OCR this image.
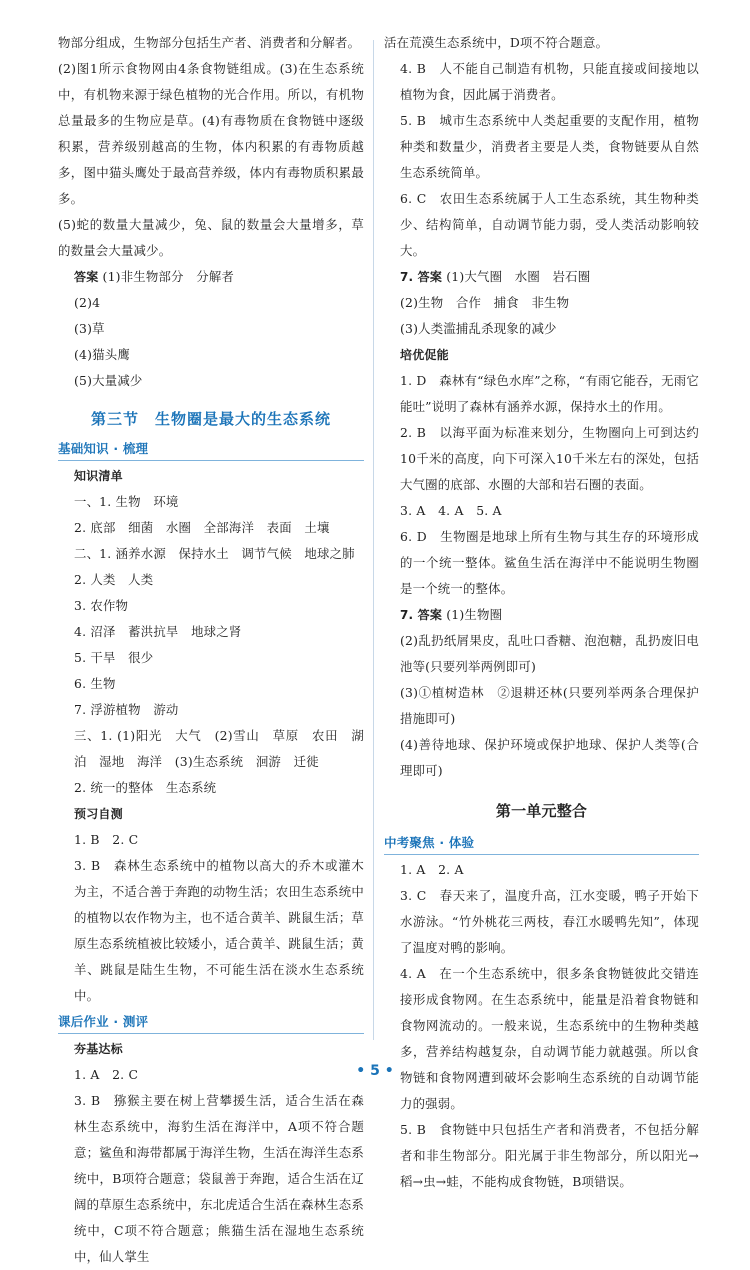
物部分组成，生物部分包括生产者、消费者和分解者。

(2)图1所示食物网由4条食物链组成。(3)在生态系统中，有机物来源于绿色植物的光合作用。所以，有机物总量最多的生物应是草。(4)有毒物质在食物链中逐级积累，营养级别越高的生物，体内积累的有毒物质越多，图中猫头鹰处于最高营养级，体内有毒物质积累最多。

(5)蛇的数量大量减少，兔、鼠的数量会大量增多，草的数量会大量减少。

答案 (1)非生物部分　分解者

(2)4

(3)草

(4)猫头鹰

(5)大量减少

第三节　生物圈是最大的生态系统
基础知识 · 梳理

知识清单

一、1. 生物　环境

2. 底部　细菌　水圈　全部海洋　表面　土壤

二、1. 涵养水源　保持水土　调节气候　地球之肺

2. 人类　人类

3. 农作物

4. 沼泽　蓄洪抗旱　地球之肾

5. 干旱　很少

6. 生物

7. 浮游植物　游动

三、1. (1)阳光　大气　(2)雪山　草原　农田　湖泊　湿地　海洋　(3)生态系统　洄游　迁徙

2. 统一的整体　生态系统

预习自测

1. B　2. C

3. B　森林生态系统中的植物以高大的乔木或灌木为主，不适合善于奔跑的动物生活；农田生态系统中的植物以农作物为主，也不适合黄羊、跳鼠生活；草原生态系统植被比较矮小，适合黄羊、跳鼠生活；黄羊、跳鼠是陆生生物，不可能生活在淡水生态系统中。

课后作业 · 测评

夯基达标

1. A　2. C

3. B　猕猴主要在树上营攀援生活，适合生活在森林生态系统中，海豹生活在海洋中，A项不符合题意；鲨鱼和海带都属于海洋生物，生活在海洋生态系统中，B项符合题意；袋鼠善于奔跑，适合生活在辽阔的草原生态系统中，东北虎适合生活在森林生态系统中，C项不符合题意；熊猫生活在湿地生态系统中，仙人掌生

活在荒漠生态系统中，D项不符合题意。

4. B　人不能自己制造有机物，只能直接或间接地以植物为食，因此属于消费者。

5. B　城市生态系统中人类起重要的支配作用，植物种类和数量少，消费者主要是人类，食物链要从自然生态系统简单。

6. C　农田生态系统属于人工生态系统，其生物种类少、结构简单，自动调节能力弱，受人类活动影响较大。

7. 答案 (1)大气圈　水圈　岩石圈

(2)生物　合作　捕食　非生物

(3)人类滥捕乱杀现象的减少

培优促能

1. D　森林有“绿色水库”之称，“有雨它能吞，无雨它能吐”说明了森林有涵养水源，保持水土的作用。

2. B　以海平面为标准来划分，生物圈向上可到达约10千米的高度，向下可深入10千米左右的深处，包括大气圈的底部、水圈的大部和岩石圈的表面。

3. A　4. A　5. A

6. D　生物圈是地球上所有生物与其生存的环境形成的一个统一整体。鲨鱼生活在海洋中不能说明生物圈是一个统一的整体。

7. 答案 (1)生物圈

(2)乱扔纸屑果皮，乱吐口香糖、泡泡糖，乱扔废旧电池等(只要列举两例即可)

(3)①植树造林　②退耕还林(只要列举两条合理保护措施即可)

(4)善待地球、保护环境或保护地球、保护人类等(合理即可)

第一单元整合
中考聚焦 · 体验

1. A　2. A

3. C　春天来了，温度升高，江水变暖，鸭子开始下水游泳。“竹外桃花三两枝，春江水暖鸭先知”，体现了温度对鸭的影响。

4. A　在一个生态系统中，很多条食物链彼此交错连接形成食物网。在生态系统中，能量是沿着食物链和食物网流动的。一般来说，生态系统中的生物种类越多，营养结构越复杂，自动调节能力就越强。所以食物链和食物网遭到破坏会影响生态系统的自动调节能力的强弱。

5. B　食物链中只包括生产者和消费者，不包括分解者和非生物部分。阳光属于非生物部分，所以阳光→稻→虫→蛙，不能构成食物链，B项错误。

• 5 •
